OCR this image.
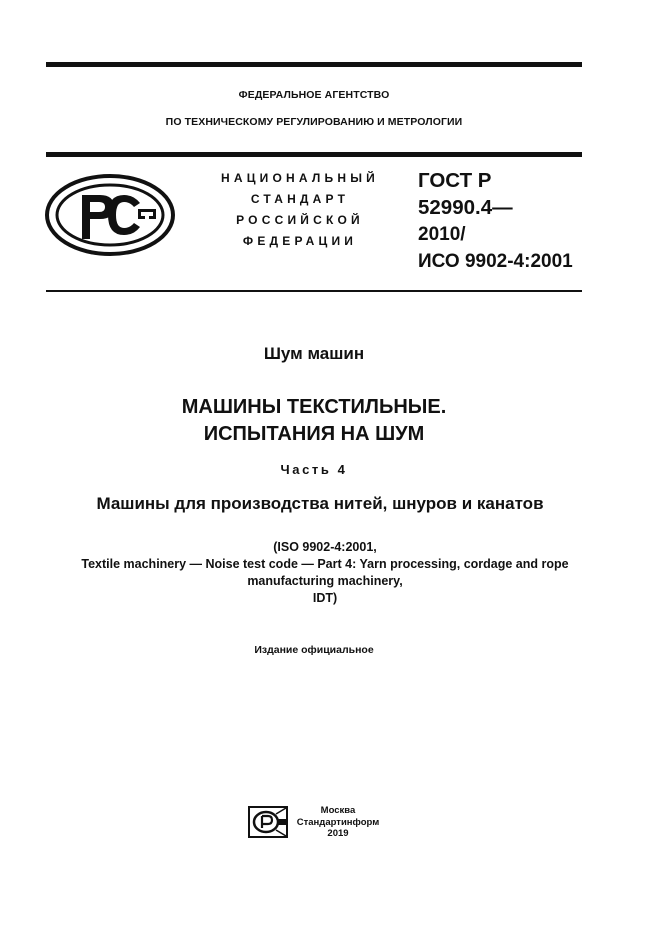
ФЕДЕРАЛЬНОЕ АГЕНТСТВО
ПО ТЕХНИЧЕСКОМУ РЕГУЛИРОВАНИЮ И МЕТРОЛОГИИ
НАЦИОНАЛЬНЫЙ
СТАНДАРТ
РОССИЙСКОЙ
ФЕДЕРАЦИИ
ГОСТ Р
52990.4—
2010/
ИСО 9902-4:2001
Шум машин
МАШИНЫ ТЕКСТИЛЬНЫЕ.
ИСПЫТАНИЯ НА ШУМ
Часть 4
Машины для производства нитей, шнуров и канатов
(ISO 9902-4:2001,
Textile machinery — Noise test code — Part 4: Yarn processing, cordage and rope
manufacturing machinery,
IDT)
Издание официальное
Москва
Стандартинформ
2019
